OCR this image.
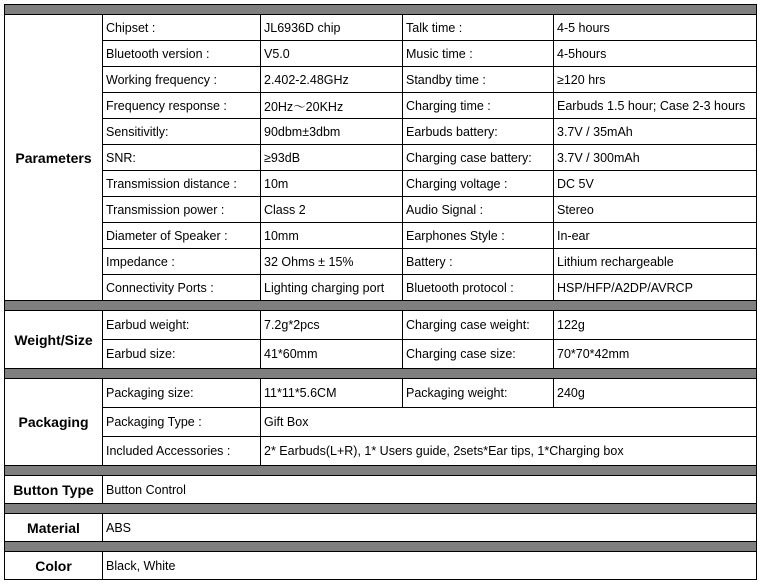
Parameters	Chipset :	JL6936D chip	Talk time :	4-5 hours
	Bluetooth version :	V5.0	Music time :	4-5hours
	Working frequency :	2.402-2.48GHz	Standby time :	≥120 hrs
	Frequency response :	20Hz～20KHz	Charging time :	Earbuds 1.5 hour; Case 2-3 hours
	Sensitivitly:	90dbm±3dbm	Earbuds battery:	3.7V / 35mAh
	SNR:	≥93dB	Charging case battery:	3.7V / 300mAh
	Transmission distance :	10m	Charging voltage :	DC 5V
	Transmission power :	Class 2	Audio Signal :	Stereo
	Diameter of Speaker :	10mm	Earphones Style :	In-ear
	Impedance :	32 Ohms ± 15%	Battery :	Lithium rechargeable
	Connectivity Ports :	Lighting charging port	Bluetooth protocol :	HSP/HFP/A2DP/AVRCP

Weight/Size	Earbud weight:	7.2g*2pcs	Charging case weight:	122g
	Earbud size:	41*60mm	Charging case size:	70*70*42mm

Packaging	Packaging size:	11*11*5.6CM	Packaging weight:	240g
	Packaging Type :	Gift Box		
	Included Accessories :	2* Earbuds(L+R), 1* Users guide, 2sets*Ear tips, 1*Charging box		

Button Type	Button Control			

Material	ABS			

Color	Black, White			
